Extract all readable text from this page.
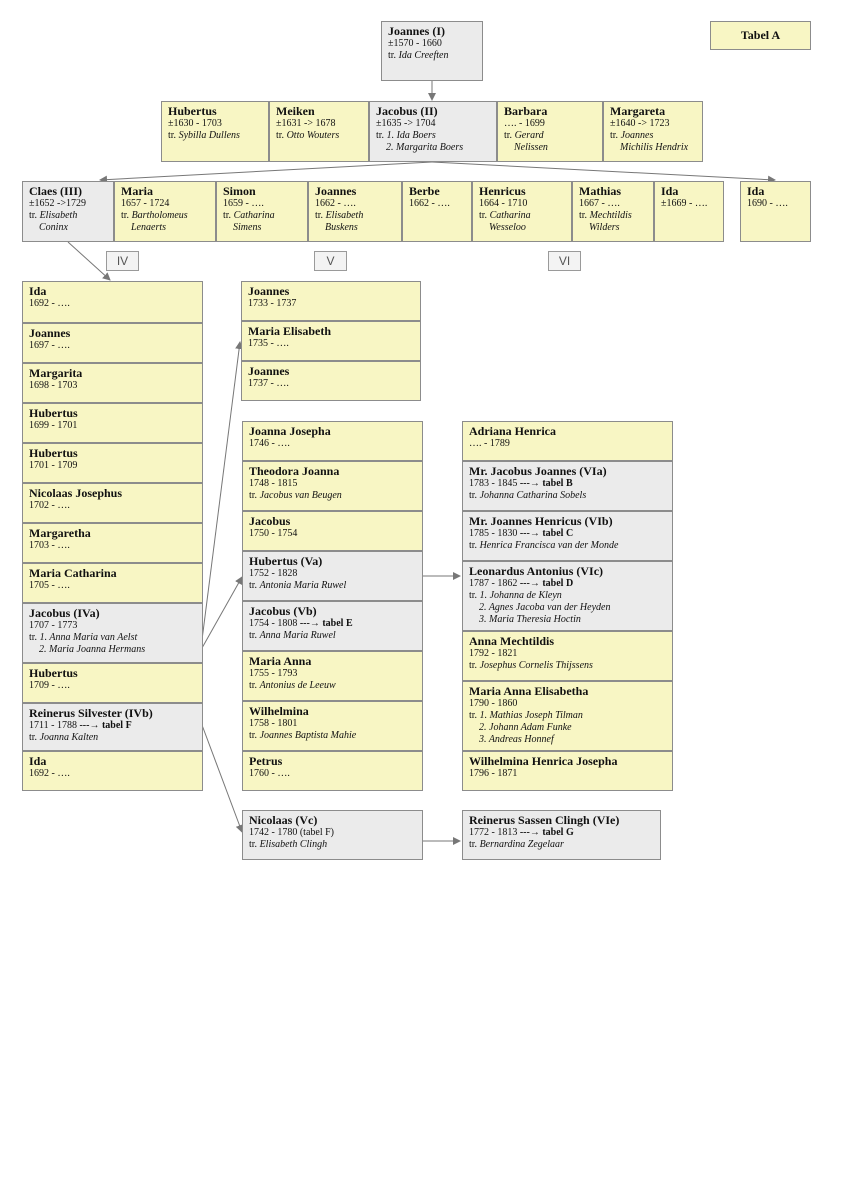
Tabel A
IV	V	VI
Joannes (I)
±1570 - 1660
tr. Ida Creeften
Hubertus
±1630 - 1703
tr. Sybilla Dullens
Meiken
±1631 -> 1678
tr. Otto Wouters
Jacobus (II)
±1635 -> 1704
tr. 1. Ida Boers
2. Margarita Boers
Barbara
…. - 1699
tr. Gerard
Nelissen
Margareta
±1640 -> 1723
tr. Joannes
Michilis Hendrix
Claes (III)
±1652 ->1729
tr. Elisabeth
Coninx
Maria
1657 - 1724
tr. Bartholomeus
Lenaerts
Simon
1659 - ….
tr. Catharina
Simens
Joannes
1662 - ….
tr. Elisabeth
Buskens
Berbe
1662 - ….
Henricus
1664 - 1710
tr. Catharina
Wesseloo
Mathias
1667 - ….
tr. Mechtildis
Wilders
Ida
±1669 - ….
Ida
1690 - ….
Ida
1692 - ….
Joannes
1697 - ….
Margarita
1698 - 1703
Hubertus
1699 - 1701
Hubertus
1701 - 1709
Nicolaas Josephus
1702 - ….
Margaretha
1703 - ….
Maria Catharina
1705 - ….
Jacobus (IVa)
1707 - 1773
tr. 1. Anna Maria van Aelst
2. Maria Joanna Hermans
Hubertus
1709 - ….
Reinerus Silvester (IVb)
1711 - 1788 ---→ tabel F
tr. Joanna Kalten
Ida
1692 - ….
Joannes
1733 - 1737
Maria Elisabeth
1735 - ….
Joannes
1737 - ….
Joanna Josepha
1746 - ….
Theodora Joanna
1748 - 1815
tr. Jacobus van Beugen
Jacobus
1750 - 1754
Hubertus (Va)
1752 - 1828
tr. Antonia Maria Ruwel
Jacobus (Vb)
1754 - 1808 ---→ tabel E
tr. Anna Maria Ruwel
Maria Anna
1755 - 1793
tr. Antonius de Leeuw
Wilhelmina
1758 - 1801
tr. Joannes Baptista Mahie
Petrus
1760 - ….
Nicolaas (Vc)
1742 - 1780 (tabel F)
tr. Elisabeth Clingh
Adriana Henrica
…. - 1789
Mr. Jacobus Joannes (VIa)
1783 - 1845 ---→ tabel B
tr. Johanna Catharina Sobels
Mr. Joannes Henricus (VIb)
1785 - 1830 ---→ tabel C
tr. Henrica Francisca van der Monde
Leonardus Antonius (VIc)
1787 - 1862 ---→ tabel D
tr. 1. Johanna de Kleyn
2. Agnes Jacoba van der Heyden
3. Maria Theresia Hoctin
Anna Mechtildis
1792 - 1821
tr. Josephus Cornelis Thijssens
Maria Anna Elisabetha
1790 - 1860
tr. 1. Mathias Joseph Tilman
2. Johann Adam Funke
3. Andreas Honnef
Wilhelmina Henrica Josepha
1796 - 1871
Reinerus Sassen Clingh (VIe)
1772 - 1813 ---→ tabel G
tr. Bernardina Zegelaar
